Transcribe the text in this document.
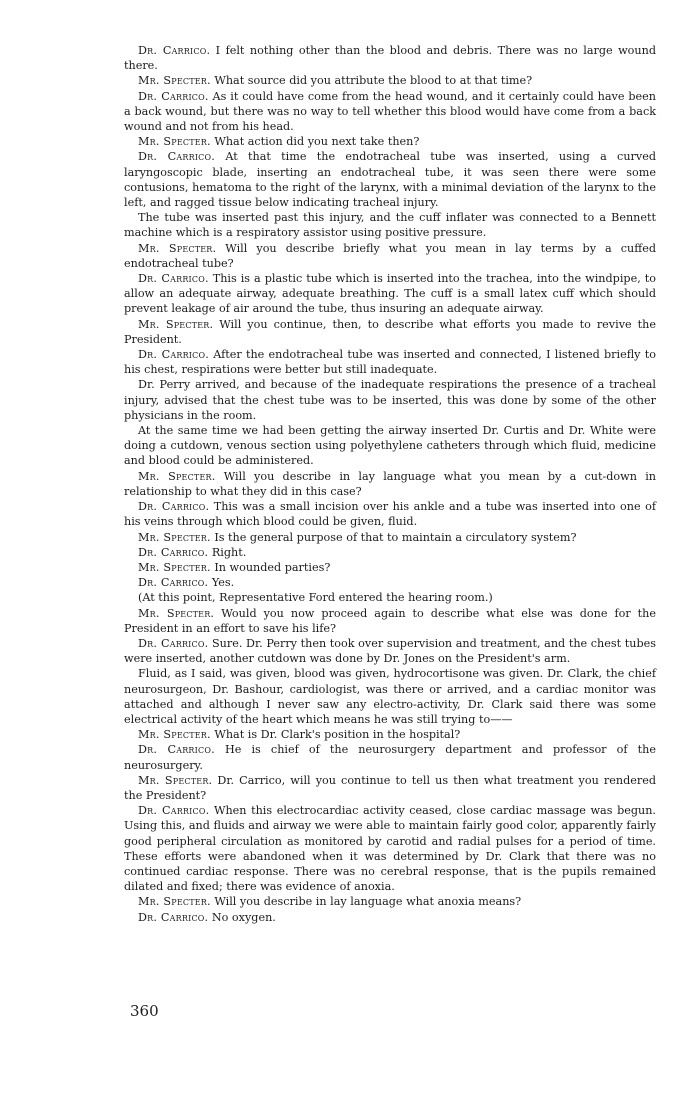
Dr. Carrico. I felt nothing other than the blood and debris. There was no large wound there.

Mr. Specter. What source did you attribute the blood to at that time?

Dr. Carrico. As it could have come from the head wound, and it certainly could have been a back wound, but there was no way to tell whether this blood would have come from a back wound and not from his head.

Mr. Specter. What action did you next take then?

Dr. Carrico. At that time the endotracheal tube was inserted, using a curved laryngoscopic blade, inserting an endotracheal tube, it was seen there were some contusions, hematoma to the right of the larynx, with a minimal deviation of the larynx to the left, and ragged tissue below indicating tracheal injury.

The tube was inserted past this injury, and the cuff inflater was connected to a Bennett machine which is a respiratory assistor using positive pressure.

Mr. Specter. Will you describe briefly what you mean in lay terms by a cuffed endotracheal tube?

Dr. Carrico. This is a plastic tube which is inserted into the trachea, into the windpipe, to allow an adequate airway, adequate breathing. The cuff is a small latex cuff which should prevent leakage of air around the tube, thus insuring an adequate airway.

Mr. Specter. Will you continue, then, to describe what efforts you made to revive the President.

Dr. Carrico. After the endotracheal tube was inserted and connected, I listened briefly to his chest, respirations were better but still inadequate.

Dr. Perry arrived, and because of the inadequate respirations the presence of a tracheal injury, advised that the chest tube was to be inserted, this was done by some of the other physicians in the room.

At the same time we had been getting the airway inserted Dr. Curtis and Dr. White were doing a cutdown, venous section using polyethylene catheters through which fluid, medicine and blood could be administered.

Mr. Specter. Will you describe in lay language what you mean by a cut-down in relationship to what they did in this case?

Dr. Carrico. This was a small incision over his ankle and a tube was inserted into one of his veins through which blood could be given, fluid.

Mr. Specter. Is the general purpose of that to maintain a circulatory system?

Dr. Carrico. Right.

Mr. Specter. In wounded parties?

Dr. Carrico. Yes.

(At this point, Representative Ford entered the hearing room.)

Mr. Specter. Would you now proceed again to describe what else was done for the President in an effort to save his life?

Dr. Carrico. Sure. Dr. Perry then took over supervision and treatment, and the chest tubes were inserted, another cutdown was done by Dr. Jones on the President's arm.

Fluid, as I said, was given, blood was given, hydrocortisone was given. Dr. Clark, the chief neurosurgeon, Dr. Bashour, cardiologist, was there or arrived, and a cardiac monitor was attached and although I never saw any electro-activity, Dr. Clark said there was some electrical activity of the heart which means he was still trying to——

Mr. Specter. What is Dr. Clark's position in the hospital?

Dr. Carrico. He is chief of the neurosurgery department and professor of the neurosurgery.

Mr. Specter. Dr. Carrico, will you continue to tell us then what treatment you rendered the President?

Dr. Carrico. When this electrocardiac activity ceased, close cardiac massage was begun. Using this, and fluids and airway we were able to maintain fairly good color, apparently fairly good peripheral circulation as monitored by carotid and radial pulses for a period of time. These efforts were abandoned when it was determined by Dr. Clark that there was no continued cardiac response. There was no cerebral response, that is the pupils remained dilated and fixed; there was evidence of anoxia.

Mr. Specter. Will you describe in lay language what anoxia means?

Dr. Carrico. No oxygen.

360
